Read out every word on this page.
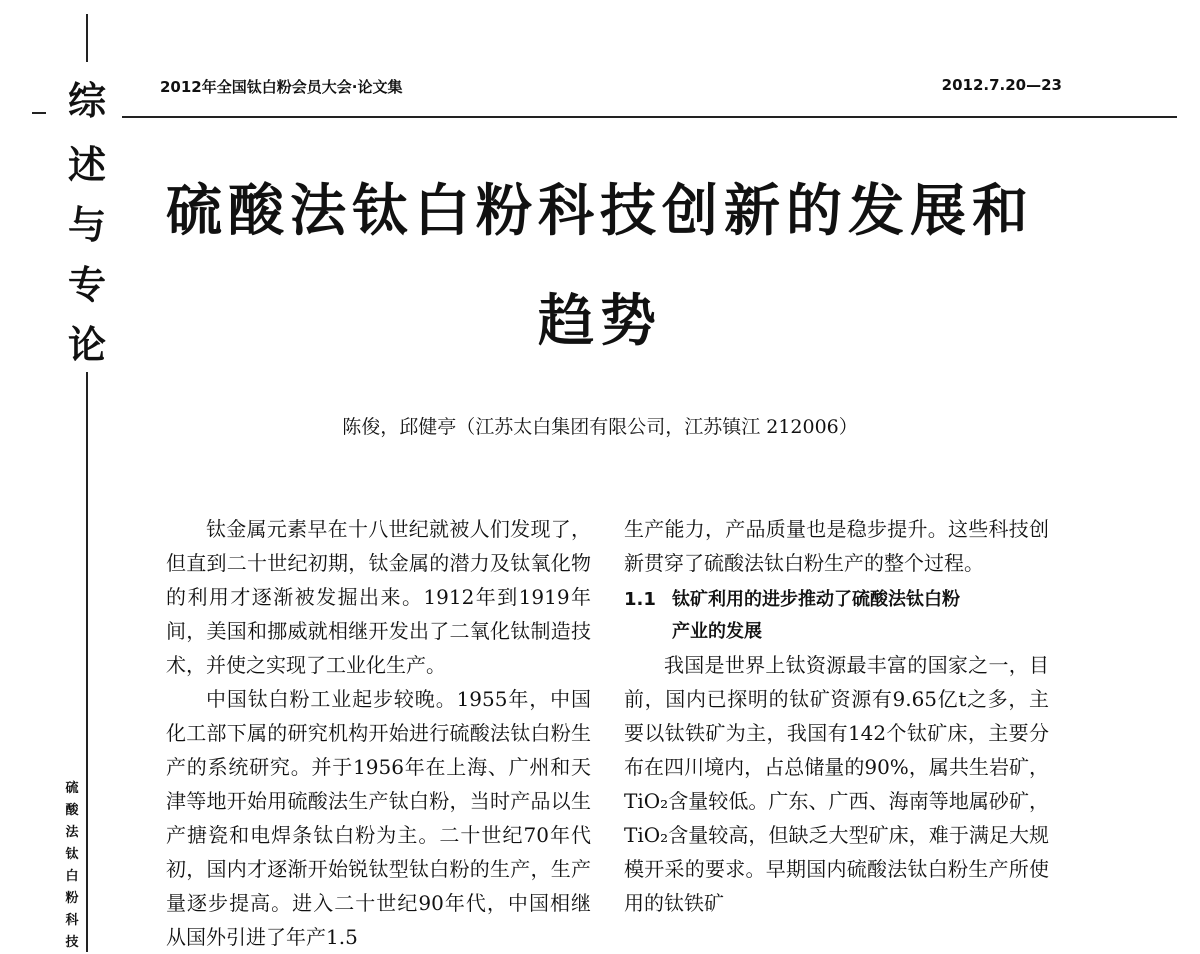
综
述
与
专
论
2012年全国钛白粉会员大会·论文集	2012.7.20—23
硫酸法钛白粉科技创新的发展和
趋势
陈俊，邱健亭（江苏太白集团有限公司，江苏镇江 212006）

钛金属元素早在十八世纪就被人们发现了，但直到二十世纪初期，钛金属的潜力及钛氧化物的利用才逐渐被发掘出来。1912年到1919年间，美国和挪威就相继开发出了二氧化钛制造技术，并使之实现了工业化生产。

中国钛白粉工业起步较晚。1955年，中国化工部下属的研究机构开始进行硫酸法钛白粉生产的系统研究。并于1956年在上海、广州和天津等地开始用硫酸法生产钛白粉，当时产品以生产搪瓷和电焊条钛白粉为主。二十世纪70年代初，国内才逐渐开始锐钛型钛白粉的生产，生产量逐步提高。进入二十世纪90年代，中国相继从国外引进了年产1.5

生产能力，产品质量也是稳步提升。这些科技创新贯穿了硫酸法钛白粉生产的整个过程。

1.1 钛矿利用的进步推动了硫酸法钛白粉
产业的发展

我国是世界上钛资源最丰富的国家之一，目前，国内已探明的钛矿资源有9.65亿t之多，主要以钛铁矿为主，我国有142个钛矿床，主要分布在四川境内，占总储量的90%，属共生岩矿，TiO₂含量较低。广东、广西、海南等地属砂矿，TiO₂含量较高，但缺乏大型矿床，难于满足大规模开采的要求。早期国内硫酸法钛白粉生产所使用的钛铁矿

硫
酸
法
钛
白
粉
科
技
